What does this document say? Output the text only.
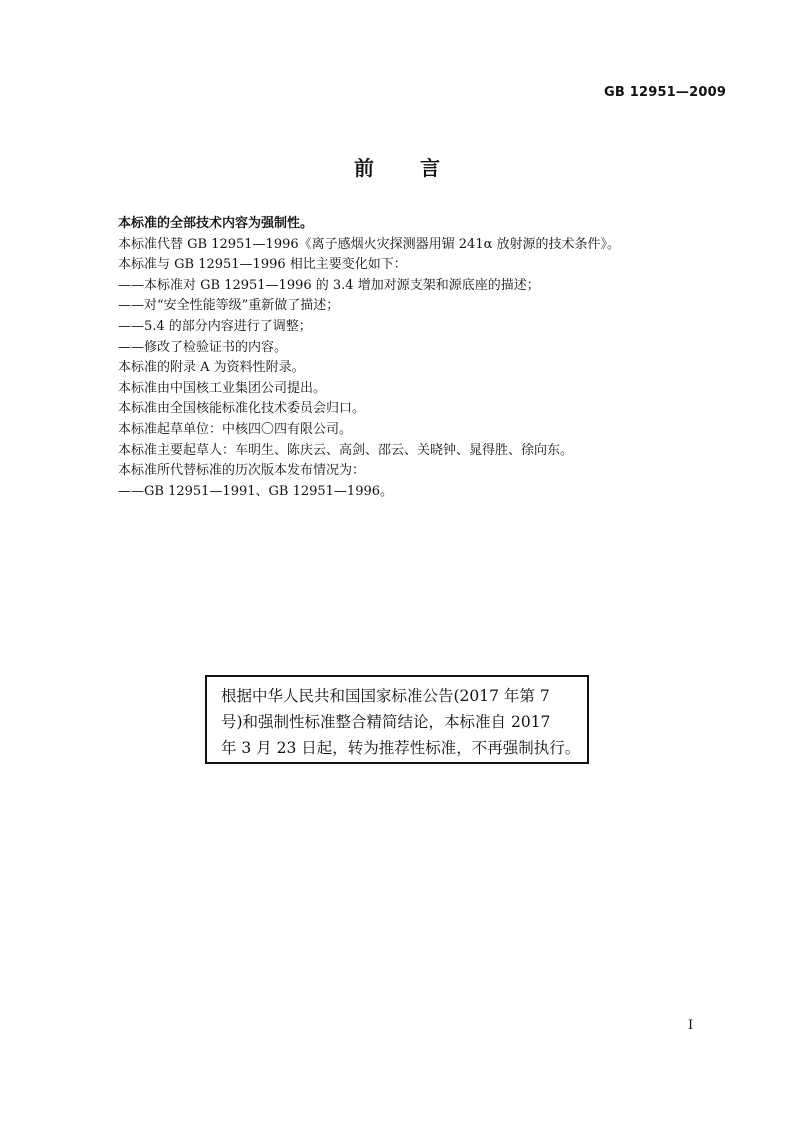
GB 12951—2009
前 言
本标准的全部技术内容为强制性。
本标准代替 GB 12951—1996《离子感烟火灾探测器用镅 241α 放射源的技术条件》。
本标准与 GB 12951—1996 相比主要变化如下：
——本标准对 GB 12951—1996 的 3.4 增加对源支架和源底座的描述；
——对“安全性能等级”重新做了描述；
——5.4 的部分内容进行了调整；
——修改了检验证书的内容。
本标准的附录 A 为资料性附录。
本标准由中国核工业集团公司提出。
本标准由全国核能标准化技术委员会归口。
本标准起草单位：中核四〇四有限公司。
本标准主要起草人：车明生、陈庆云、高剑、邵云、关晓钟、晁得胜、徐向东。
本标准所代替标准的历次版本发布情况为：
——GB 12951—1991、GB 12951—1996。
根据中华人民共和国国家标准公告(2017 年第 7
号)和强制性标准整合精简结论，本标准自 2017
年 3 月 23 日起，转为推荐性标准，不再强制执行。
I
